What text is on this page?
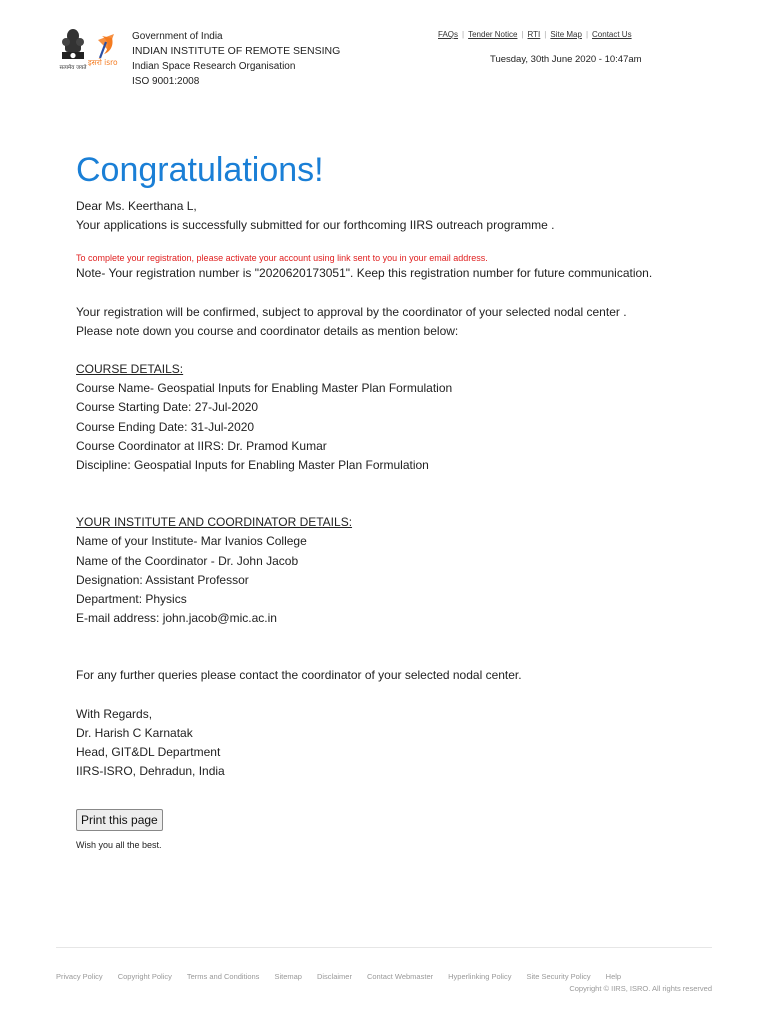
सत्यमेव जयते
इसरो isro
Government of India
INDIAN INSTITUTE OF REMOTE SENSING
Indian Space Research Organisation
ISO 9001:2008
FAQs | Tender Notice | RTI | Site Map | Contact Us
Tuesday, 30th June 2020 - 10:47am
Congratulations!

Dear Ms. Keerthana L,

Your applications is successfully submitted for our forthcoming IIRS outreach programme .

To complete your registration, please activate your account using link sent to you in your email address.

Note- Your registration number is "2020620173051". Keep this registration number for future communication.

Your registration will be confirmed, subject to approval by the coordinator of your selected nodal center .

Please note down you course and coordinator details as mention below:

COURSE DETAILS:

Course Name- Geospatial Inputs for Enabling Master Plan Formulation

Course Starting Date: 27-Jul-2020

Course Ending Date: 31-Jul-2020

Course Coordinator at IIRS: Dr. Pramod Kumar

Discipline: Geospatial Inputs for Enabling Master Plan Formulation

YOUR INSTITUTE AND COORDINATOR DETAILS:

Name of your Institute- Mar Ivanios College

Name of the Coordinator - Dr. John Jacob

Designation: Assistant Professor

Department: Physics

E-mail address: john.jacob@mic.ac.in

For any further queries please contact the coordinator of your selected nodal center.

With Regards,

Dr. Harish C Karnatak

Head, GIT&DL Department

IIRS-ISRO, Dehradun, India

Print this page

Wish you all the best.

Privacy Policy Copyright Policy Terms and Conditions Sitemap Disclaimer Contact Webmaster Hyperlinking Policy Site Security Policy Help
Copyright © IIRS, ISRO. All rights reserved
